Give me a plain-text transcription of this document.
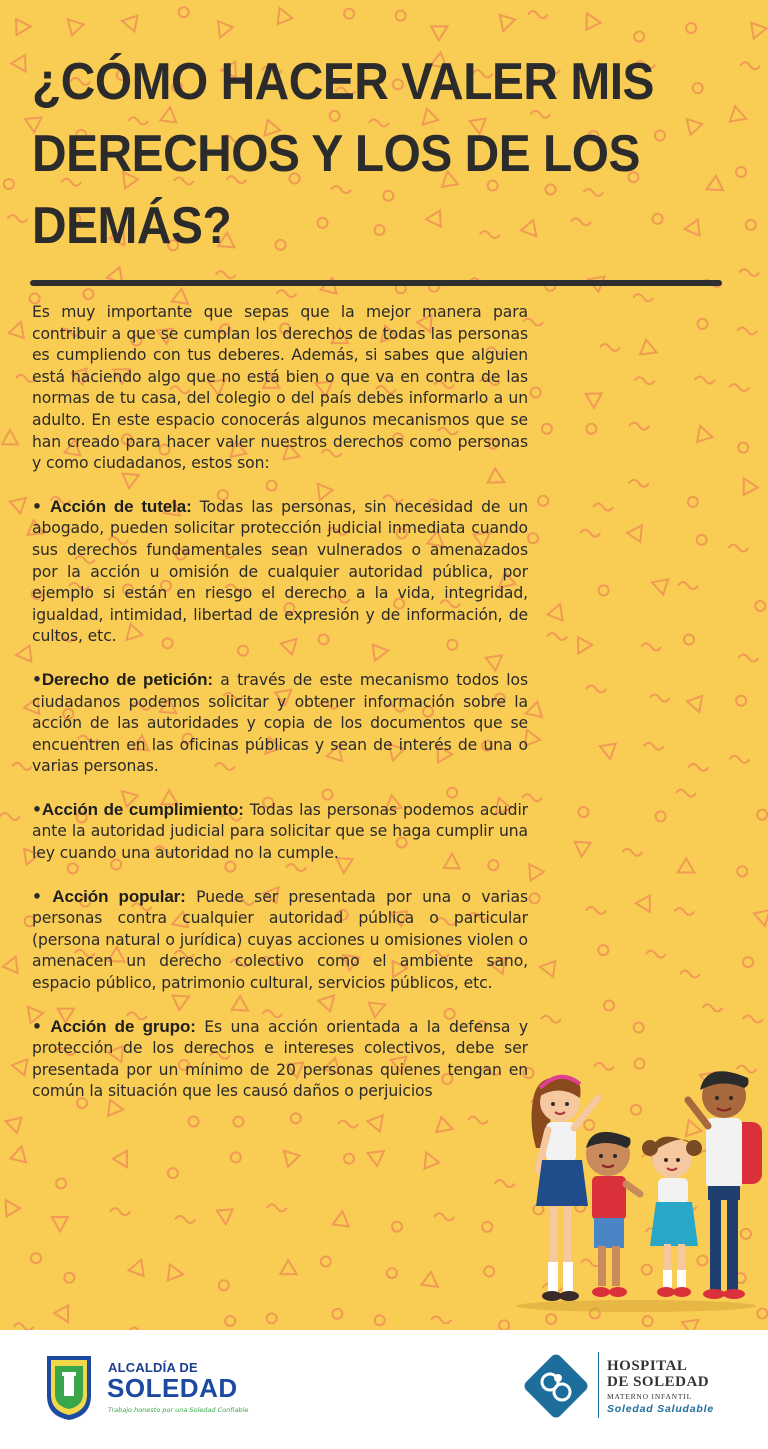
¿CÓMO HACER VALER MIS DERECHOS Y LOS DE LOS DEMÁS?

Es muy importante que sepas que la mejor manera para contribuir a que se cumplan los derechos de todas las personas es cumpliendo con tus deberes. Además, si sabes que alguien está haciendo algo que no está bien o que va en contra de las normas de tu casa, del colegio o del país debes informarlo a un adulto. En este espacio conocerás algunos mecanismos que se han creado para hacer valer nuestros derechos como personas y como ciudadanos, estos son:

• Acción de tutela: Todas las personas, sin necesidad de un abogado, pueden solicitar protección judicial inmediata cuando sus derechos fundamentales sean vulnerados o amenazados por la acción u omisión de cualquier autoridad pública, por ejemplo si están en riesgo el derecho a la vida, integridad, igualdad, intimidad, libertad de expresión y de información, de cultos, etc.

•Derecho de petición: a través de este mecanismo todos los ciudadanos podemos solicitar y obtener información sobre la acción de las autoridades y copia de los documentos que se encuentren en las oficinas públicas y sean de interés de una o varias personas.

•Acción de cumplimiento: Todas las personas podemos acudir ante la autoridad judicial para solicitar que se haga cumplir una ley cuando una autoridad no la cumple.

• Acción popular: Puede ser presentada por una o varias personas contra cualquier autoridad pública o particular (persona natural o jurídica) cuyas acciones u omisiones violen o amenacen un derecho colectivo como el ambiente sano, espacio público, patrimonio cultural, servicios públicos, etc.

• Acción de grupo: Es una acción orientada a la defensa y protección de los derechos e intereses colectivos, debe ser presentada por un mínimo de 20 personas quienes tengan en común la situación que les causó daños o perjuicios

ALCALDÍA DE
SOLEDAD
Trabajo honesto por una Soledad Confiable
HOSPITAL
DE SOLEDAD
MATERNO INFANTIL
Soledad Saludable
